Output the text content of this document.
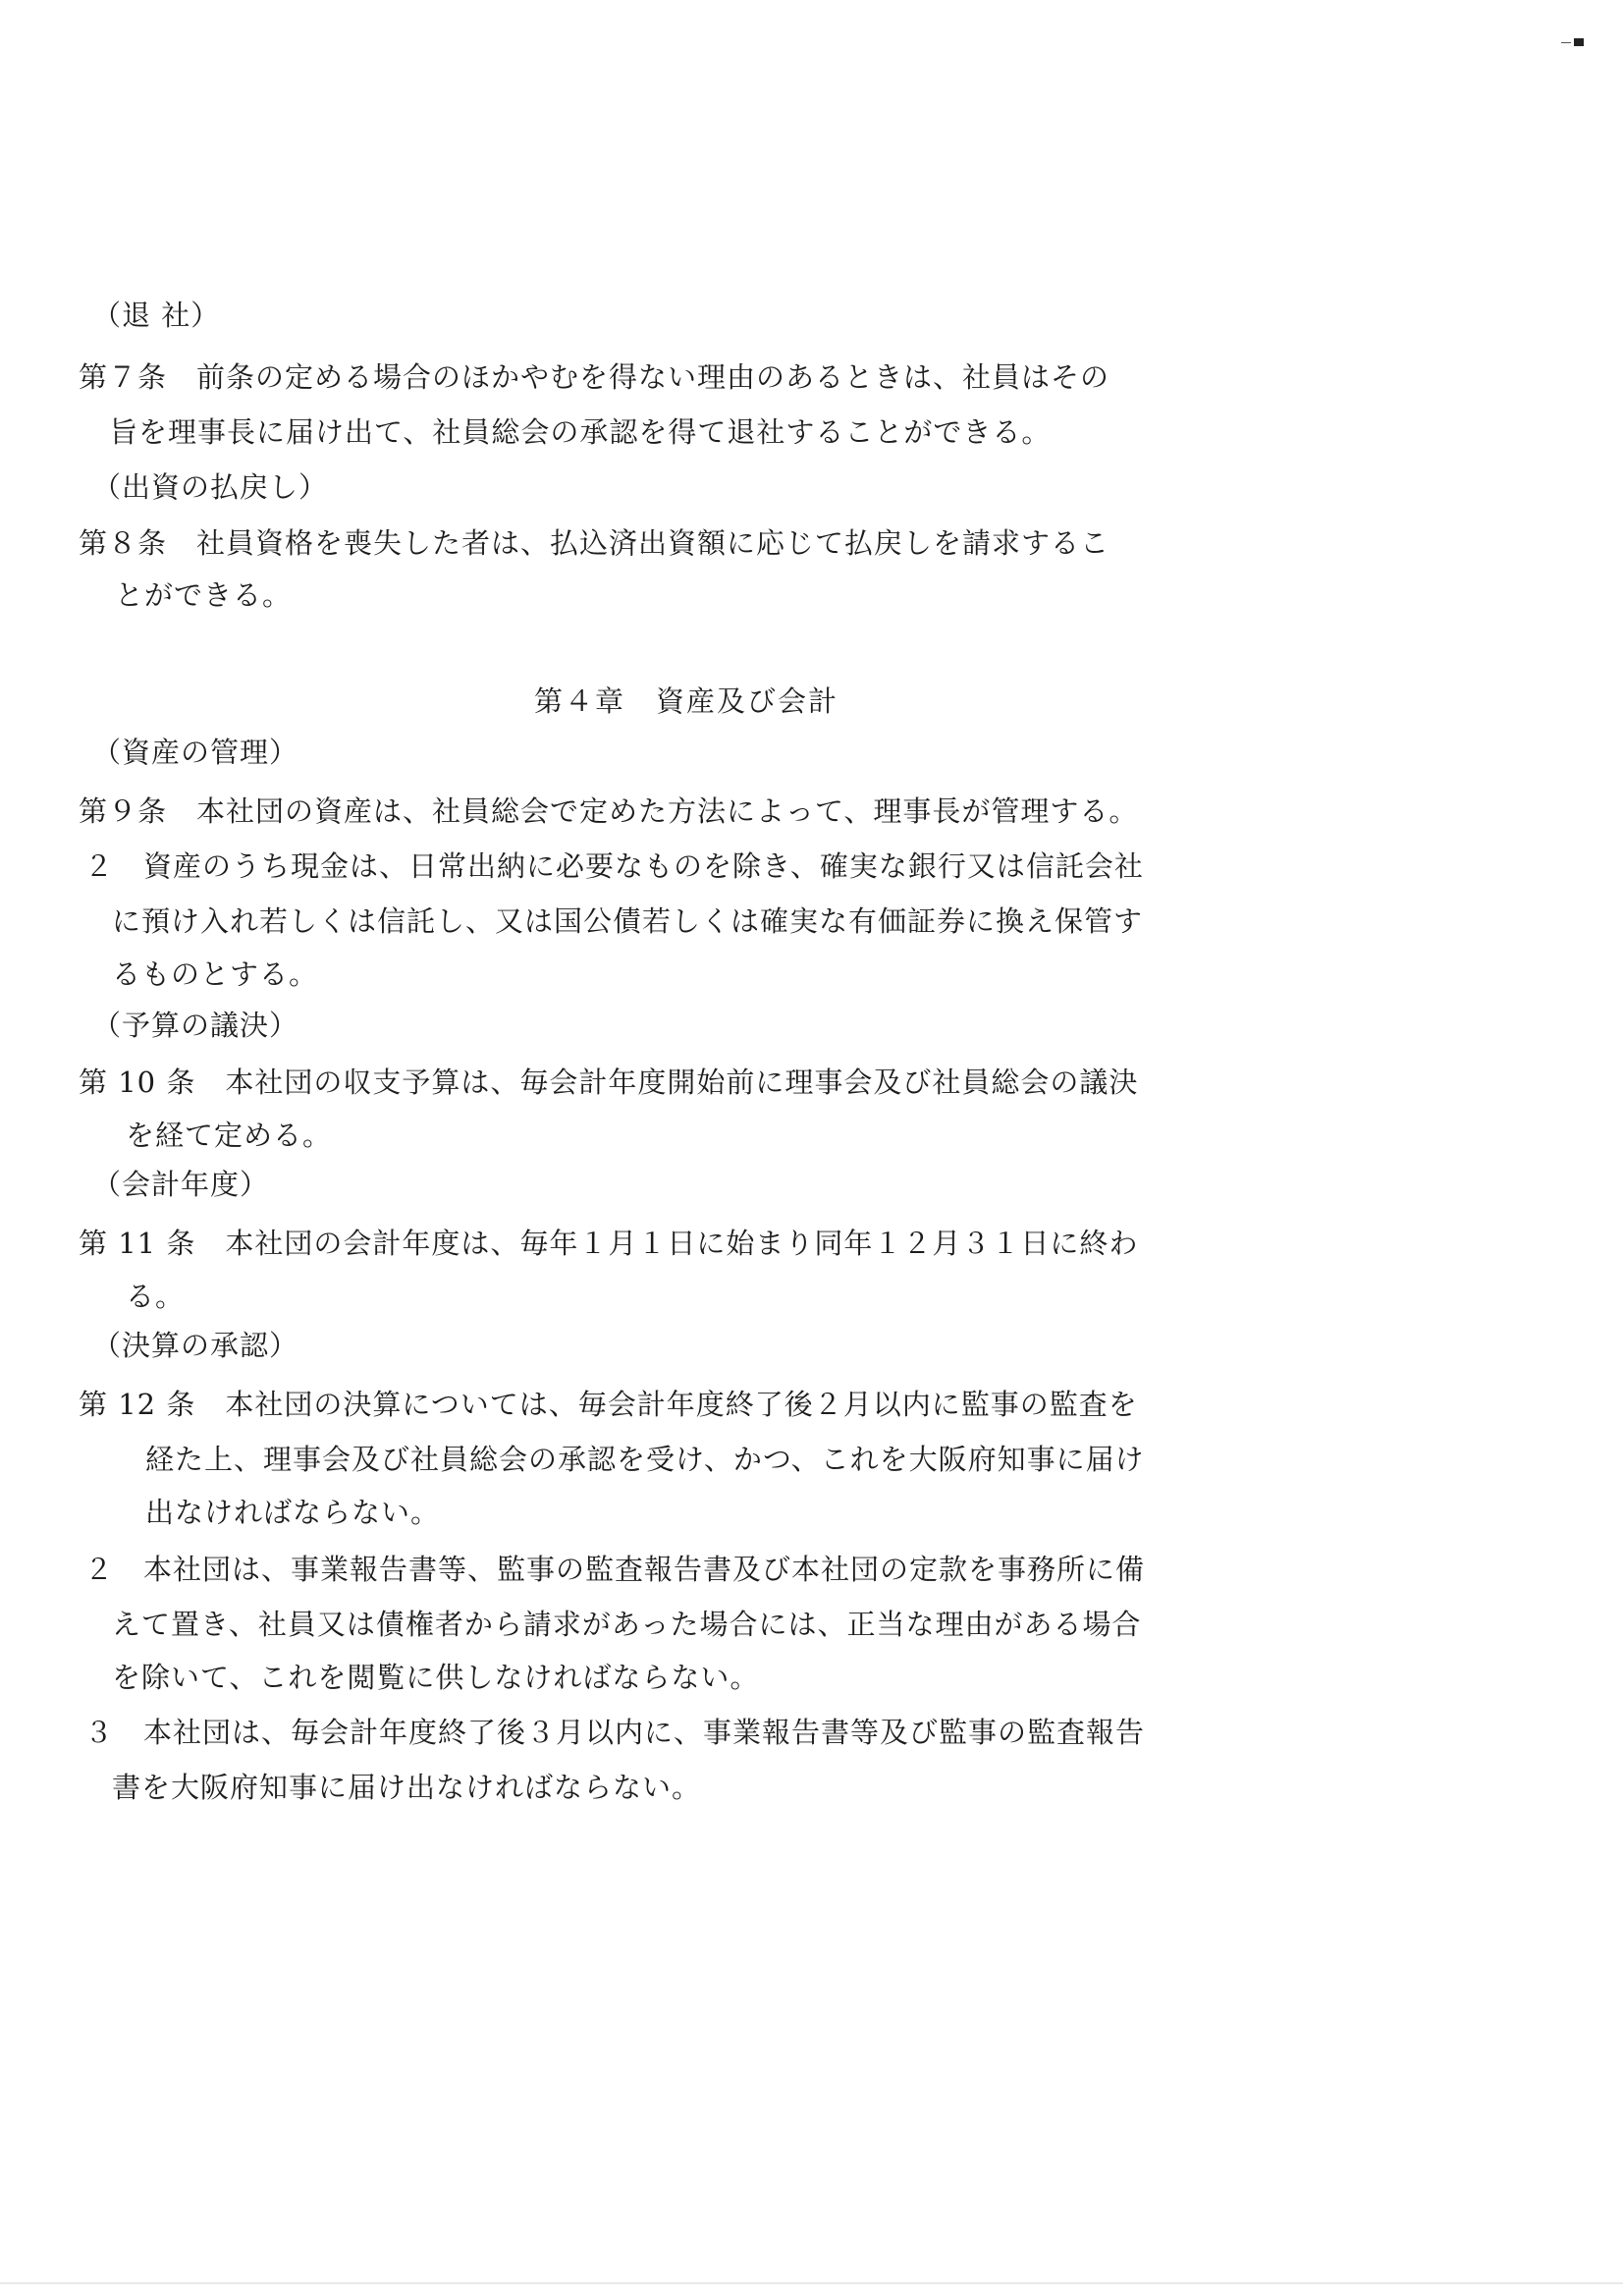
（退 社）
第７条　前条の定める場合のほかやむを得ない理由のあるときは、社員はその
旨を理事長に届け出て、社員総会の承認を得て退社することができる。
（出資の払戻し）
第８条　社員資格を喪失した者は、払込済出資額に応じて払戻しを請求するこ
とができる。
第４章　資産及び会計
（資産の管理）
第９条　本社団の資産は、社員総会で定めた方法によって、理事長が管理する。
２　資産のうち現金は、日常出納に必要なものを除き、確実な銀行又は信託会社
に預け入れ若しくは信託し、又は国公債若しくは確実な有価証券に換え保管す
るものとする。
（予算の議決）
第 10 条　本社団の収支予算は、毎会計年度開始前に理事会及び社員総会の議決
を経て定める。
（会計年度）
第 11 条　本社団の会計年度は、毎年１月１日に始まり同年１２月３１日に終わ
る。
（決算の承認）
第 12 条　本社団の決算については、毎会計年度終了後２月以内に監事の監査を
経た上、理事会及び社員総会の承認を受け、かつ、これを大阪府知事に届け
出なければならない。
２　本社団は、事業報告書等、監事の監査報告書及び本社団の定款を事務所に備
えて置き、社員又は債権者から請求があった場合には、正当な理由がある場合
を除いて、これを閲覧に供しなければならない。
３　本社団は、毎会計年度終了後３月以内に、事業報告書等及び監事の監査報告
書を大阪府知事に届け出なければならない。
